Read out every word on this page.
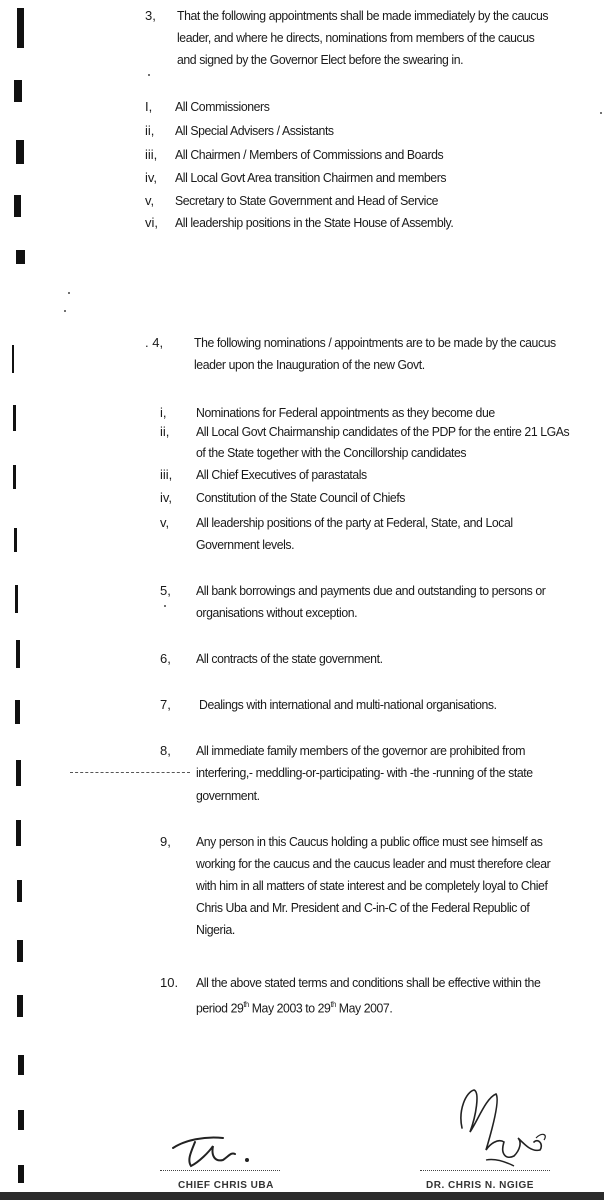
3, That the following appointments shall be made immediately by the caucus
leader, and where he directs, nominations from members of the caucus
and signed by the Governor Elect before the swearing in.
I, All Commissioners
ii, All Special Advisers / Assistants
iii, All Chairmen / Members of Commissions and Boards
iv, All Local Govt Area transition Chairmen and members
v, Secretary to State Government and Head of Service
vi, All leadership positions in the State House of Assembly.
. 4, The following nominations / appointments are to be made by the caucus
leader upon the Inauguration of the new Govt.
i, Nominations for Federal appointments as they become due
ii, All Local Govt Chairmanship candidates of the PDP for the entire 21 LGAs
of the State together with the Concillorship candidates
iii, All Chief Executives of parastatals
iv, Constitution of the State Council of Chiefs
v, All leadership positions of the party at Federal, State, and Local
Government levels.
5, All bank borrowings and payments due and outstanding to persons or
organisations without exception.
6, All contracts of the state government.
7, Dealings with international and multi-national organisations.
8, All immediate family members of the governor are prohibited from
interfering,- meddling-or-participating- with -the -running of the state
government.
9, Any person in this Caucus holding a public office must see himself as
working for the caucus and the caucus leader and must therefore clear
with him in all matters of state interest and be completely loyal to Chief
Chris Uba and Mr. President and C-in-C of the Federal Republic of
Nigeria.
10. All the above stated terms and conditions shall be effective within the
period 29th May 2003 to 29th May 2007.
CHIEF CHRIS UBA	DR. CHRIS N. NGIGE
